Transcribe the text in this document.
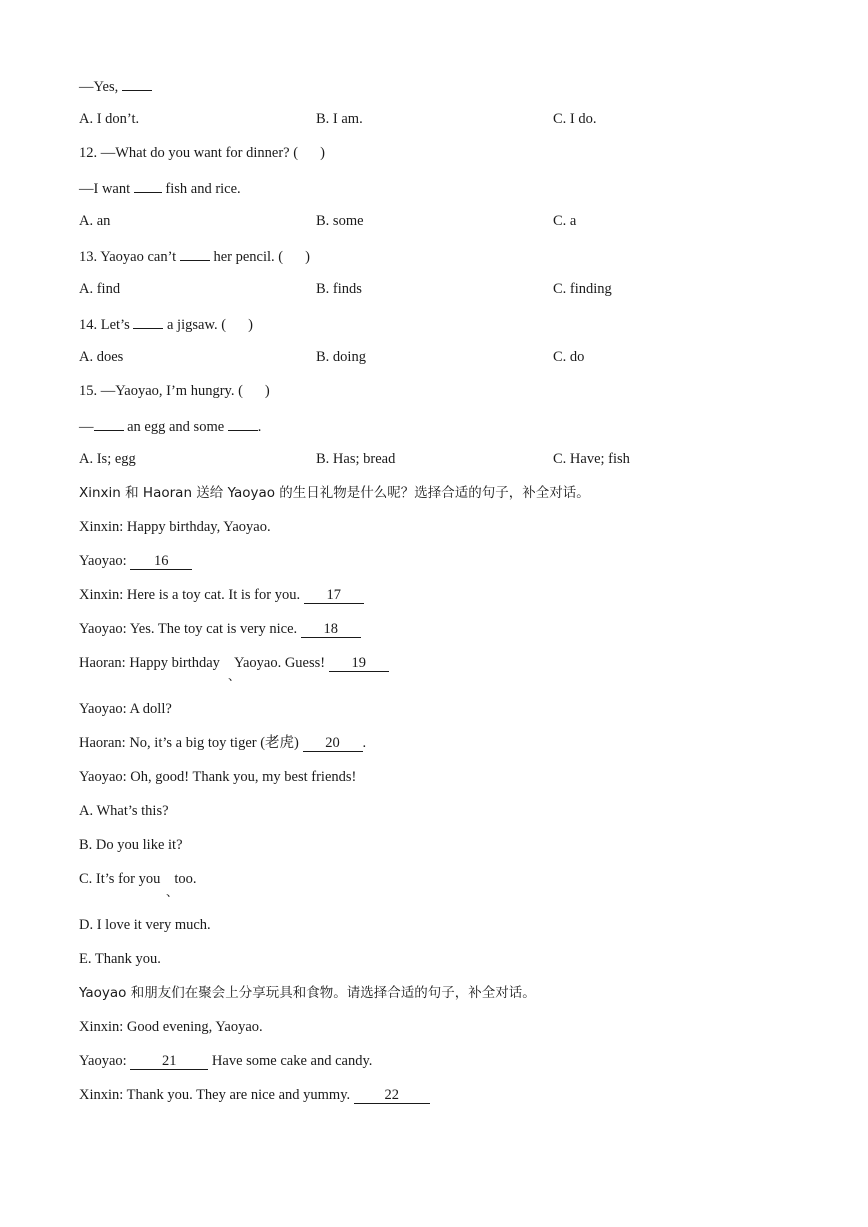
—Yes,
A. I don’t.	B. I am.	C. I do.
12. —What do you want for dinner? ( )
—I want  fish and rice.
A. an	B. some	C. a
13. Yaoyao can’t  her pencil. ( )
A. find	B. finds	C. finding
14. Let’s  a jigsaw. ( )
A. does	B. doing	C. do
15. —Yaoyao, I’m hungry. ( )
— an egg and some .
A. Is; egg	B. Has; bread	C. Have; fish
Xinxin 和 Haoran 送给 Yaoyao 的生日礼物是什么呢？选择合适的句子，补全对话。
Xinxin: Happy birthday, Yaoyao.
Yaoyao: 16
Xinxin: Here is a toy cat. It is for you. 17
Yaoyao: Yes. The toy cat is very nice. 18
Haoran: Happy birthday Yaoyao. Guess! 19
、
Yaoyao: A doll?
Haoran: No, it’s a big toy tiger (老虎) 20 .
Yaoyao: Oh, good! Thank you, my best friends!
A. What’s this?
B. Do you like it?
C. It’s for you too.
、
D. I love it very much.
E. Thank you.
Yaoyao 和朋友们在聚会上分享玩具和食物。请选择合适的句子，补全对话。
Xinxin: Good evening, Yaoyao.
Yaoyao: 21 Have some cake and candy.
Xinxin: Thank you. They are nice and yummy. 22
